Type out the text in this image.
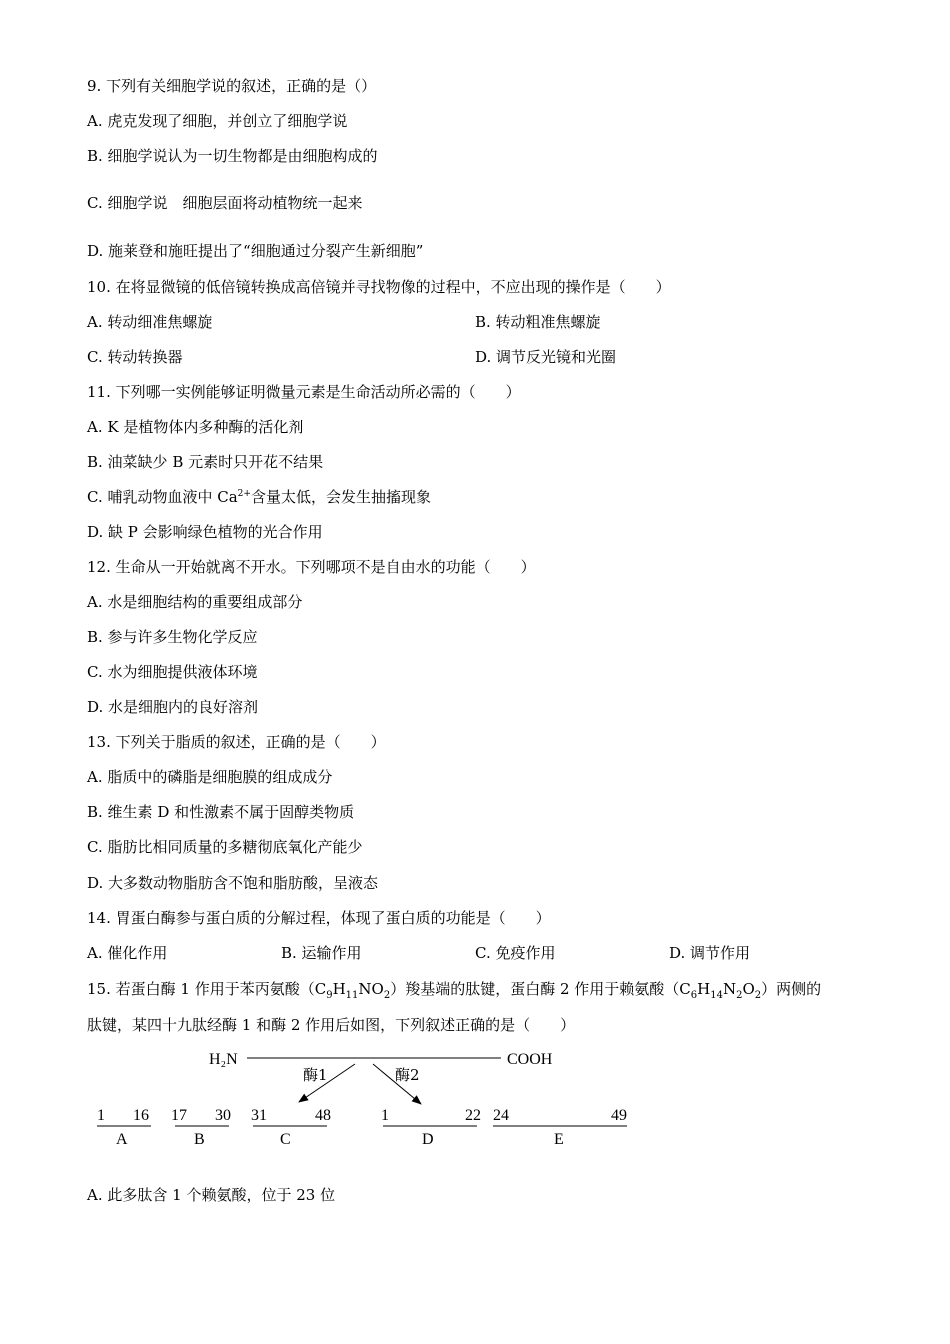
9. 下列有关细胞学说的叙述，正确的是（）
A. 虎克发现了细胞，并创立了细胞学说
B. 细胞学说认为一切生物都是由细胞构成的
C. 细胞学说　细胞层面将动植物统一起来
D. 施莱登和施旺提出了“细胞通过分裂产生新细胞”
10. 在将显微镜的低倍镜转换成高倍镜并寻找物像的过程中，不应出现的操作是（　　）
A. 转动细准焦螺旋	B. 转动粗准焦螺旋
C. 转动转换器	D. 调节反光镜和光圈
11. 下列哪一实例能够证明微量元素是生命活动所必需的（　　）
A. K 是植物体内多种酶的活化剂
B. 油菜缺少 B 元素时只开花不结果
C. 哺乳动物血液中 $Ca^{2+}$含量太低，会发生抽搐现象
D. 缺 P 会影响绿色植物的光合作用
12. 生命从一开始就离不开水。下列哪项不是自由水的功能（　　）
A. 水是细胞结构的重要组成部分
B. 参与许多生物化学反应
C. 水为细胞提供液体环境
D. 水是细胞内的良好溶剂
13. 下列关于脂质的叙述，正确的是（　　）
A. 脂质中的磷脂是细胞膜的组成成分
B. 维生素 D 和性激素不属于固醇类物质
C. 脂肪比相同质量的多糖彻底氧化产能少
D. 大多数动物脂肪含不饱和脂肪酸，呈液态
14. 胃蛋白酶参与蛋白质的分解过程，体现了蛋白质的功能是（　　）
A. 催化作用	B. 运输作用	C. 免疫作用	D. 调节作用
15. 若蛋白酶 1 作用于苯丙氨酸$(C_9H_{11}NO_2)$羧基端的肽键，蛋白酶 2 作用于赖氨酸$(C_6H_{14}N_2O_2)$两侧的
肽键，某四十九肽经酶 1 和酶 2 作用后如图，下列叙述正确的是（　　）
H₂N	COOH
酶1	酶2
1 16
A
17 30
B
31	48
C
1	22
D
24	49
E
A. 此多肽含 1 个赖氨酸，位于 23 位
